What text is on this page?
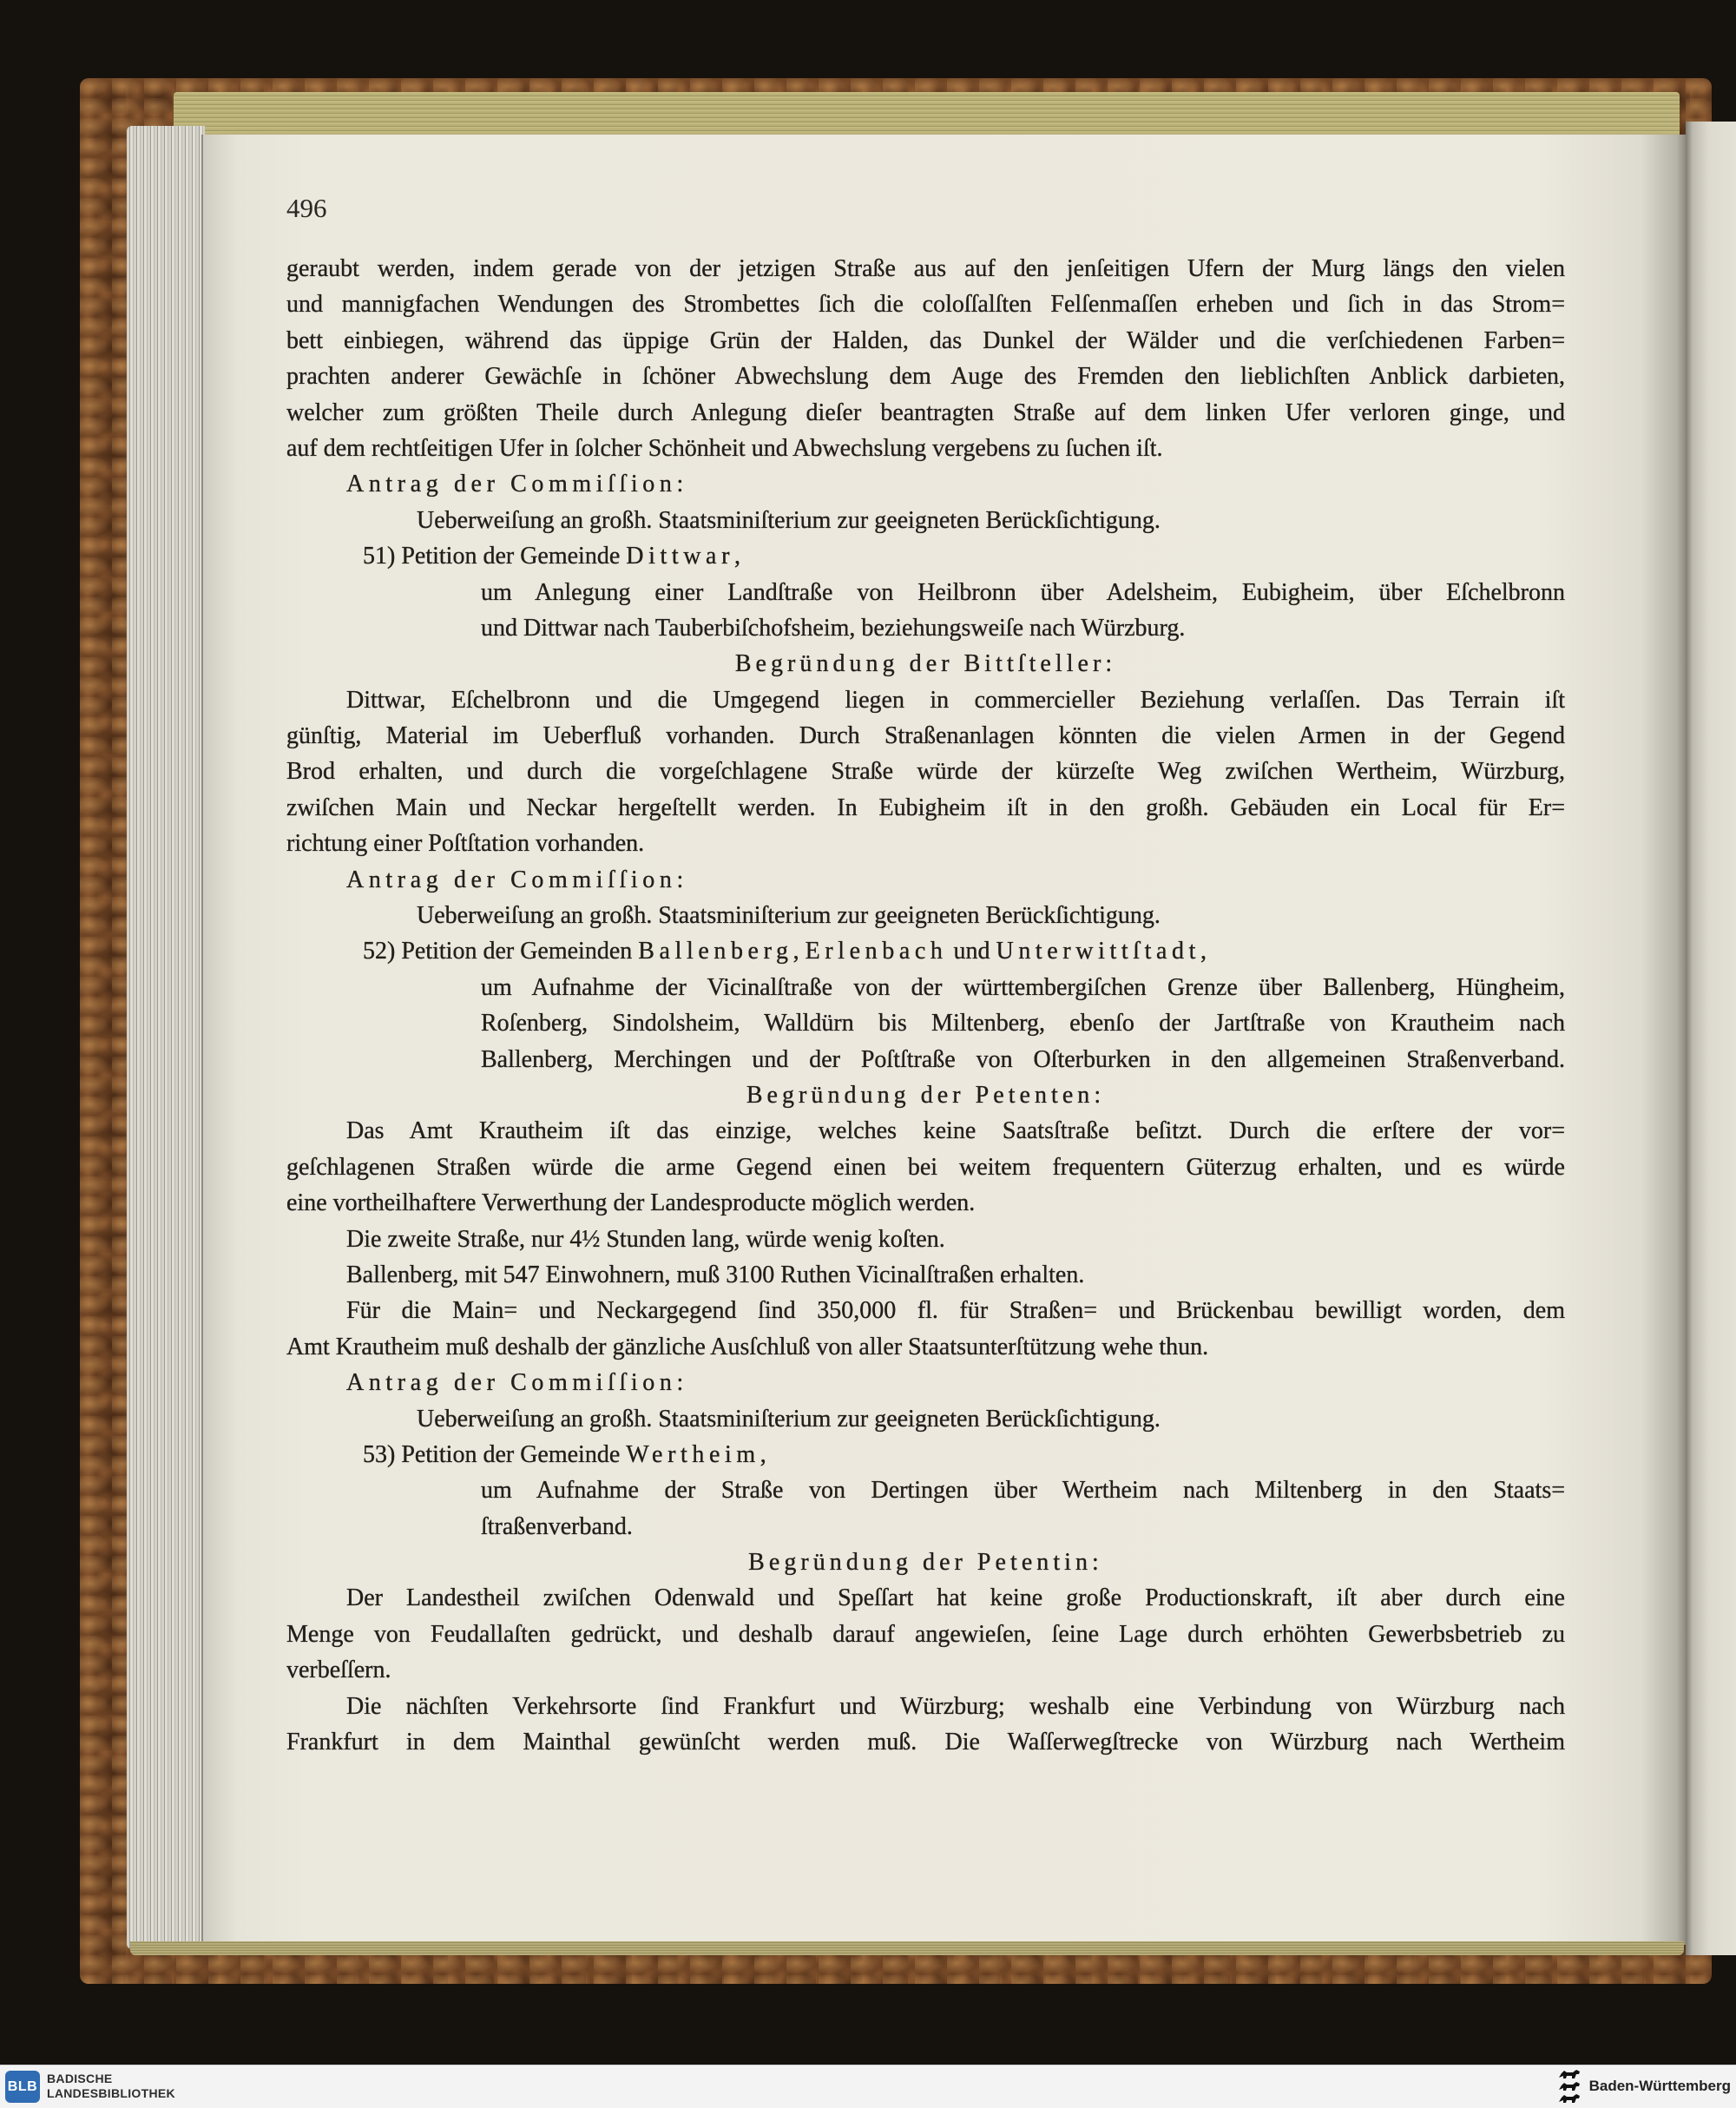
496
geraubt werden, indem gerade von der jetzigen Straße aus auf den jenſeitigen Ufern der Murg längs den vielen
und mannigfachen Wendungen des Strombettes ſich die coloſſalſten Felſenmaſſen erheben und ſich in das Strom=
bett einbiegen, während das üppige Grün der Halden, das Dunkel der Wälder und die verſchiedenen Farben=
prachten anderer Gewächſe in ſchöner Abwechslung dem Auge des Fremden den lieblichſten Anblick darbieten,
welcher zum größten Theile durch Anlegung dieſer beantragten Straße auf dem linken Ufer verloren ginge, und
auf dem rechtſeitigen Ufer in ſolcher Schönheit und Abwechslung vergebens zu ſuchen iſt.
Antrag der Commiſſion:
Ueberweiſung an großh. Staatsminiſterium zur geeigneten Berückſichtigung.
51) Petition der Gemeinde Dittwar,
um Anlegung einer Landſtraße von Heilbronn über Adelsheim, Eubigheim, über Eſchelbronn
und Dittwar nach Tauberbiſchofsheim, beziehungsweiſe nach Würzburg.
Begründung der Bittſteller:
Dittwar, Eſchelbronn und die Umgegend liegen in commercieller Beziehung verlaſſen. Das Terrain iſt
günſtig, Material im Ueberfluß vorhanden. Durch Straßenanlagen könnten die vielen Armen in der Gegend
Brod erhalten, und durch die vorgeſchlagene Straße würde der kürzeſte Weg zwiſchen Wertheim, Würzburg,
zwiſchen Main und Neckar hergeſtellt werden. In Eubigheim iſt in den großh. Gebäuden ein Local für Er=
richtung einer Poſtſtation vorhanden.
Antrag der Commiſſion:
Ueberweiſung an großh. Staatsminiſterium zur geeigneten Berückſichtigung.
52) Petition der Gemeinden Ballenberg, Erlenbach und Unterwittſtadt,
um Aufnahme der Vicinalſtraße von der württembergiſchen Grenze über Ballenberg, Hüngheim,
Roſenberg, Sindolsheim, Walldürn bis Miltenberg, ebenſo der Jartſtraße von Krautheim nach
Ballenberg, Merchingen und der Poſtſtraße von Oſterburken in den allgemeinen Straßenverband.
Begründung der Petenten:
Das Amt Krautheim iſt das einzige, welches keine Saatsſtraße beſitzt. Durch die erſtere der vor=
geſchlagenen Straßen würde die arme Gegend einen bei weitem frequentern Güterzug erhalten, und es würde
eine vortheilhaftere Verwerthung der Landesproducte möglich werden.
Die zweite Straße, nur 4½ Stunden lang, würde wenig koſten.
Ballenberg, mit 547 Einwohnern, muß 3100 Ruthen Vicinalſtraßen erhalten.
Für die Main= und Neckargegend ſind 350,000 fl. für Straßen= und Brückenbau bewilligt worden, dem
Amt Krautheim muß deshalb der gänzliche Ausſchluß von aller Staatsunterſtützung wehe thun.
Antrag der Commiſſion:
Ueberweiſung an großh. Staatsminiſterium zur geeigneten Berückſichtigung.
53) Petition der Gemeinde Wertheim,
um Aufnahme der Straße von Dertingen über Wertheim nach Miltenberg in den Staats=
ſtraßenverband.
Begründung der Petentin:
Der Landestheil zwiſchen Odenwald und Speſſart hat keine große Productionskraft, iſt aber durch eine
Menge von Feudallaſten gedrückt, und deshalb darauf angewieſen, ſeine Lage durch erhöhten Gewerbsbetrieb zu
verbeſſern.
Die nächſten Verkehrsorte ſind Frankfurt und Würzburg; weshalb eine Verbindung von Würzburg nach
Frankfurt in dem Mainthal gewünſcht werden muß. Die Waſſerwegſtrecke von Würzburg nach Wertheim
BLB
BADISCHE
LANDESBIBLIOTHEK	Baden-Württemberg
